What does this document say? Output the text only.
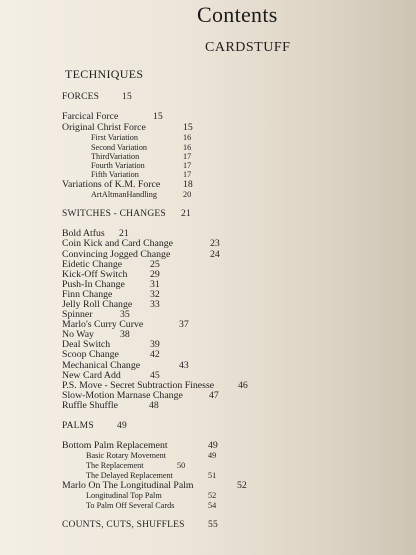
Contents
CARDSTUFF
TECHNIQUES
FORCES 15
Farcical Force	15
Original Christ Force	15
First Variation	16
Second Variation	16
ThirdVariation	17
Fourth Variation	17
Fifth Variation	17
Variations of K.M. Force 18
ArtAltmanHandling	20
SWITCHES - CHANGES 21
Bold Atfus 21
Coin Kick and Card Change	23
Convincing Jogged Change	24
Eidetic Change	25
Kick-Off Switch 29
Push-In Change	31
Finn Change	32
Jelly Roll Change 33
Spinner	35
Marlo's Curry Curve	37
No Way	38
Deal Switch	39
Scoop Change	42
Mechanical Change	43
New Card Add	45
P.S. Move - Secret Subtraction Finesse 46
Slow-Motion Marnase Change	47
Ruffle Shuffle	48
PALMS 49
Bottom Palm Replacement	49
Basic Rotary Movement	49
The Replacement	50
The Delayed Replacement	51
Marlo On The Longitudinal Palm	52
Longitudinal Top Palm	52
To Palm Off Several Cards	54
COUNTS, CUTS, SHUFFLES 55
